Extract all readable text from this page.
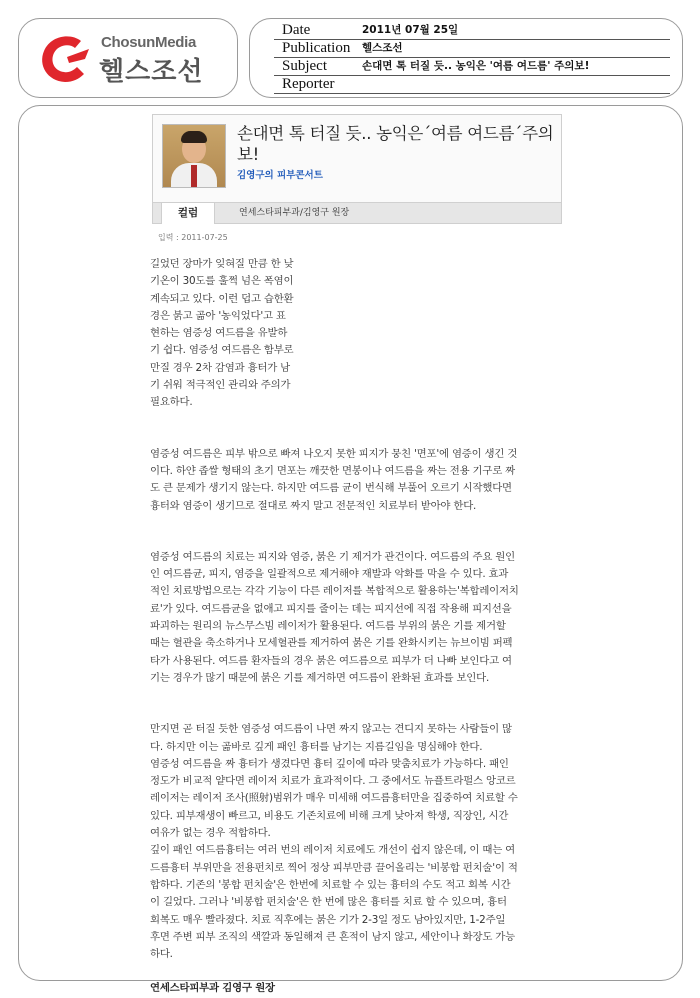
ChosunMedia
헬스조선
Date	2011년 07월 25일
Publication 헬스조선
Subject	손대면 톡 터질 듯.. 농익은 '여름 여드름' 주의보!
Reporter
손대면 톡 터질 듯.. 농익은´여름 여드름´주의보!
김영구의 피부콘서트
컬럼	연세스타피부과/김영구 원장
입력 : 2011-07-25

길었던 장마가 잊혀질 만큼 한 낮

기온이 30도를 훌쩍 넘은 폭염이

계속되고 있다. 이런 덥고 습한환

경은 붉고 곪아 '농익었다'고 표

현하는 염증성 여드름을 유발하

기 쉽다. 염증성 여드름은 함부로

만질 경우 2차 감염과 흉터가 남

기 쉬워 적극적인 관리와 주의가

필요하다.

염증성 여드름은 피부 밖으로 빠져 나오지 못한 피지가 뭉친 '면포'에 염증이 생긴 것

이다. 하얀 좁쌀 형태의 초기 면포는 깨끗한 면봉이나 여드름을 짜는 전용 기구로 짜

도 큰 문제가 생기지 않는다. 하지만 여드름 균이 번식해 부풀어 오르기 시작했다면

흉터와 염증이 생기므로 절대로 짜지 말고 전문적인 치료부터 받아야 한다.

염증성 여드름의 치료는 피지와 염증, 붉은 기 제거가 관건이다. 여드름의 주요 원인

인 여드름균, 피지, 염증을 일괄적으로 제거해야 재발과 악화를 막을 수 있다. 효과

적인 치료방법으로는 각각 기능이 다른 레이저를 복합적으로 활용하는'복합레이저치

료'가 있다. 여드름균을 없애고 피지를 줄이는 데는 피지선에 직접 작용해 피지선을

파괴하는 원리의 뉴스무스빔 레이저가 활용된다. 여드름 부위의 붉은 기를 제거할

때는 혈관을 축소하거나 모세혈관를 제거하여 붉은 기를 완화시키는 뉴브이빔 퍼펙

타가 사용된다. 여드름 환자들의 경우 붉은 여드름으로 피부가 더 나빠 보인다고 여

기는 경우가 많기 때문에 붉은 기를 제거하면 여드름이 완화된 효과를 보인다.

만지면 곧 터질 듯한 염증성 여드름이 나면 짜지 않고는 견디지 못하는 사람들이 많

다. 하지만 이는 곪바로 깊게 패인 흉터를 남기는 지름길임을 명심해야 한다.

염증성 여드름을 짜 흉터가 생겼다면 흉터 깊이에 따라 맞춤치료가 가능하다. 패인

정도가 비교적 얕다면 레이저 치료가 효과적이다. 그 중에서도 뉴플트라펄스 앙코르

레이저는 레이저 조사(照射)범위가 매우 미세해 여드름흉터만을 집중하여 치료할 수

있다. 피부재생이 빠르고, 비용도 기존치료에 비해 크게 낮아져 학생, 직장인, 시간

여유가 없는 경우 적합하다.

깊이 패인 여드름흉터는 여러 번의 레이저 치료에도 개선이 쉽지 않은데, 이 때는 여

드름흉터 부위만을 전용펀치로 찍어 정상 피부만큼 끌어올리는 '비봉합 펀치술'이 적

합하다. 기존의 '봉합 펀치술'은 한번에 치료할 수 있는 흉터의 수도 적고 회복 시간

이 길었다. 그러나 '비봉합 펀치술'은 한 번에 많은 흉터를 치료 할 수 있으며, 흉터

회복도 매우 빨라졌다. 치료 직후에는 붉은 기가 2-3일 정도 남아있지만, 1-2주일

후면 주변 피부 조직의 색깔과 동일해져 큰 흔적이 남지 않고, 세안이나 화장도 가능

하다.

연세스타피부과 김영구 원장
